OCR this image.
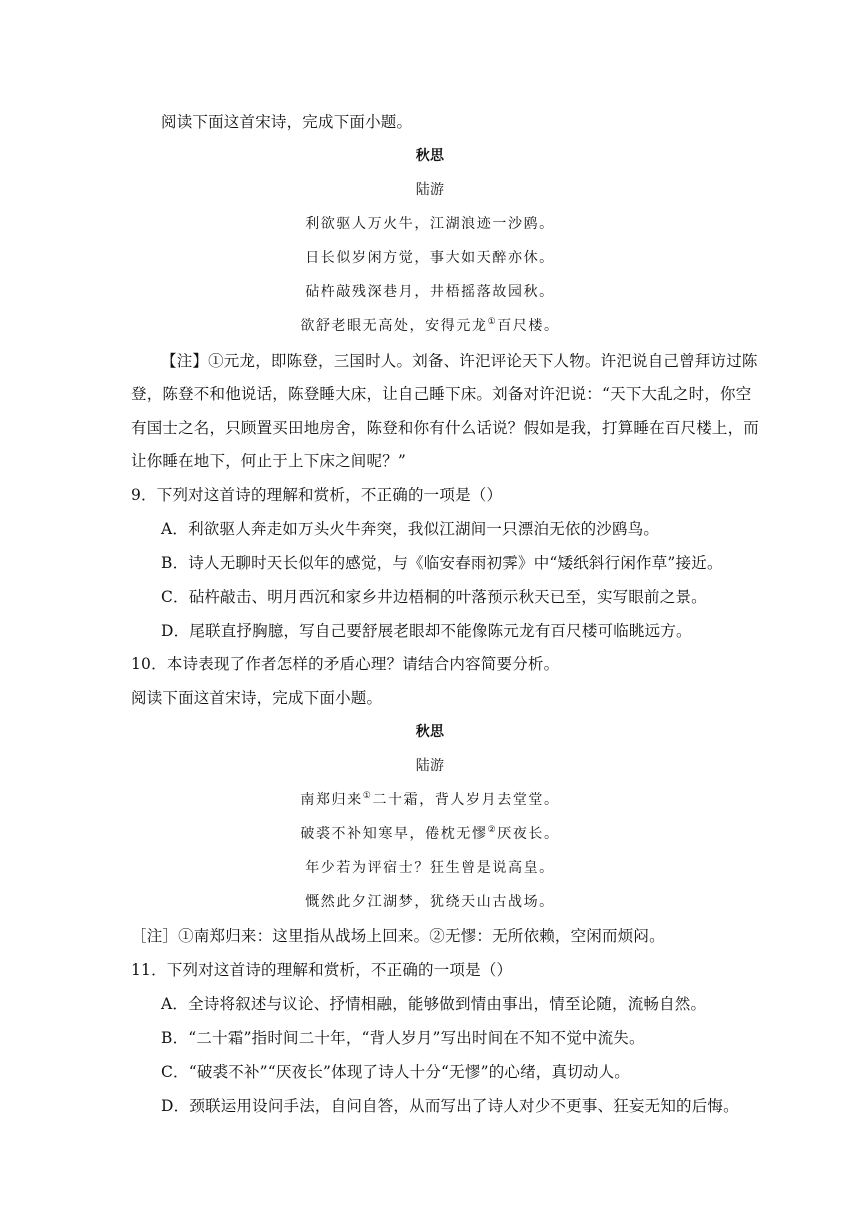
阅读下面这首宋诗，完成下面小题。
秋思
陆游
利欲驱人万火牛，江湖浪迹一沙鸥。
日长似岁闲方觉，事大如天醉亦休。
砧杵敲残深巷月，井梧摇落故园秋。
欲舒老眼无高处，安得元龙①百尺楼。
【注】①元龙，即陈登，三国时人。刘备、许汜评论天下人物。许汜说自己曾拜访过陈
登，陈登不和他说话，陈登睡大床，让自己睡下床。刘备对许汜说：“天下大乱之时，你空
有国士之名，只顾置买田地房舍，陈登和你有什么话说？假如是我，打算睡在百尺楼上，而
让你睡在地下，何止于上下床之间呢？”
9．下列对这首诗的理解和赏析，不正确的一项是（）
A．利欲驱人奔走如万头火牛奔突，我似江湖间一只漂泊无依的沙鸥鸟。
B．诗人无聊时天长似年的感觉，与《临安春雨初霁》中“矮纸斜行闲作草”接近。
C．砧杵敲击、明月西沉和家乡井边梧桐的叶落预示秋天已至，实写眼前之景。
D．尾联直抒胸臆，写自己要舒展老眼却不能像陈元龙有百尺楼可临眺远方。
10．本诗表现了作者怎样的矛盾心理？请结合内容简要分析。
阅读下面这首宋诗，完成下面小题。
秋思
陆游
南郑归来①二十霜，背人岁月去堂堂。
破裘不补知寒早，倦枕无憀②厌夜长。
年少若为评宿士？狂生曾是说高皇。
慨然此夕江湖梦，犹绕天山古战场。
［注］①南郑归来：这里指从战场上回来。②无憀：无所依赖，空闲而烦闷。
11．下列对这首诗的理解和赏析，不正确的一项是（）
A．全诗将叙述与议论、抒情相融，能够做到情由事出，情至论随，流畅自然。
B．“二十霜”指时间二十年，“背人岁月”写出时间在不知不觉中流失。
C．“破裘不补”“厌夜长”体现了诗人十分“无憀”的心绪，真切动人。
D．颈联运用设问手法，自问自答，从而写出了诗人对少不更事、狂妄无知的后悔。
